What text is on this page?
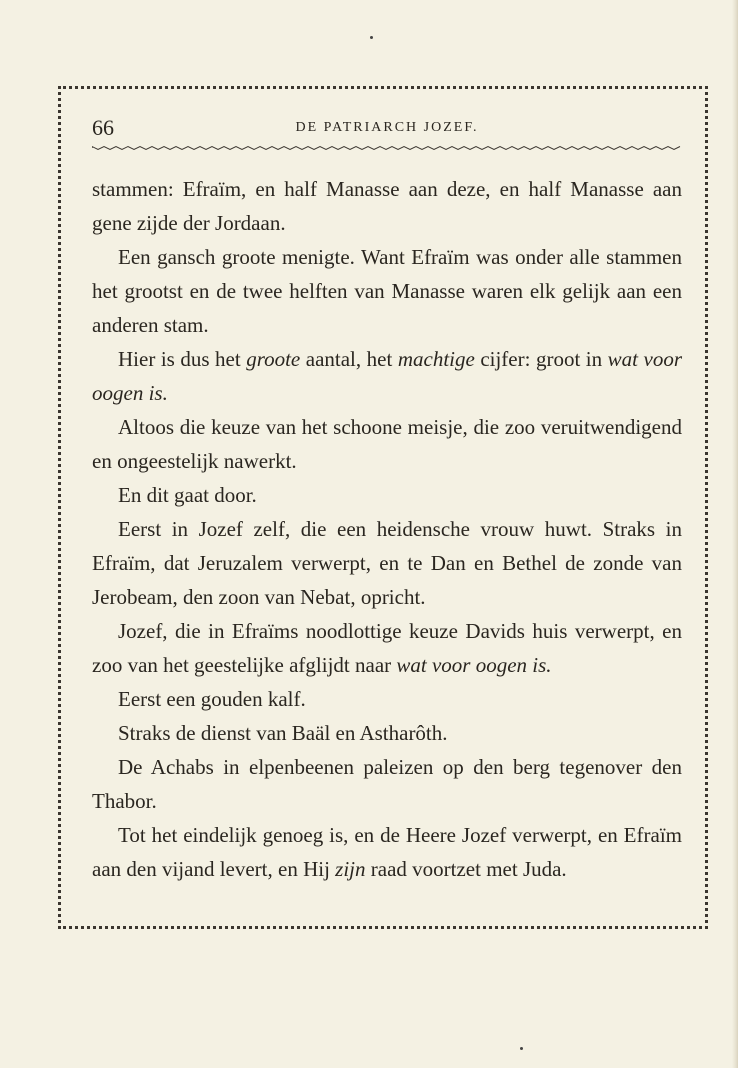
66	DE PATRIARCH JOZEF.

stammen: Efraïm, en half Manasse aan deze, en half Manasse aan gene zijde der Jordaan.

Een gansch groote menigte. Want Efraïm was onder alle stammen het grootst en de twee helften van Manasse waren elk gelijk aan een anderen stam.

Hier is dus het groote aantal, het machtige cijfer: groot in wat voor oogen is.

Altoos die keuze van het schoone meisje, die zoo veruitwendigend en ongeestelijk nawerkt.

En dit gaat door.

Eerst in Jozef zelf, die een heidensche vrouw huwt. Straks in Efraïm, dat Jeruzalem verwerpt, en te Dan en Bethel de zonde van Jerobeam, den zoon van Nebat, opricht.

Jozef, die in Efraïms noodlottige keuze Davids huis verwerpt, en zoo van het geestelijke afglijdt naar wat voor oogen is.

Eerst een gouden kalf.

Straks de dienst van Baäl en Astharôth.

De Achabs in elpenbeenen paleizen op den berg tegenover den Thabor.

Tot het eindelijk genoeg is, en de Heere Jozef verwerpt, en Efraïm aan den vijand levert, en Hij zijn raad voortzet met Juda.
